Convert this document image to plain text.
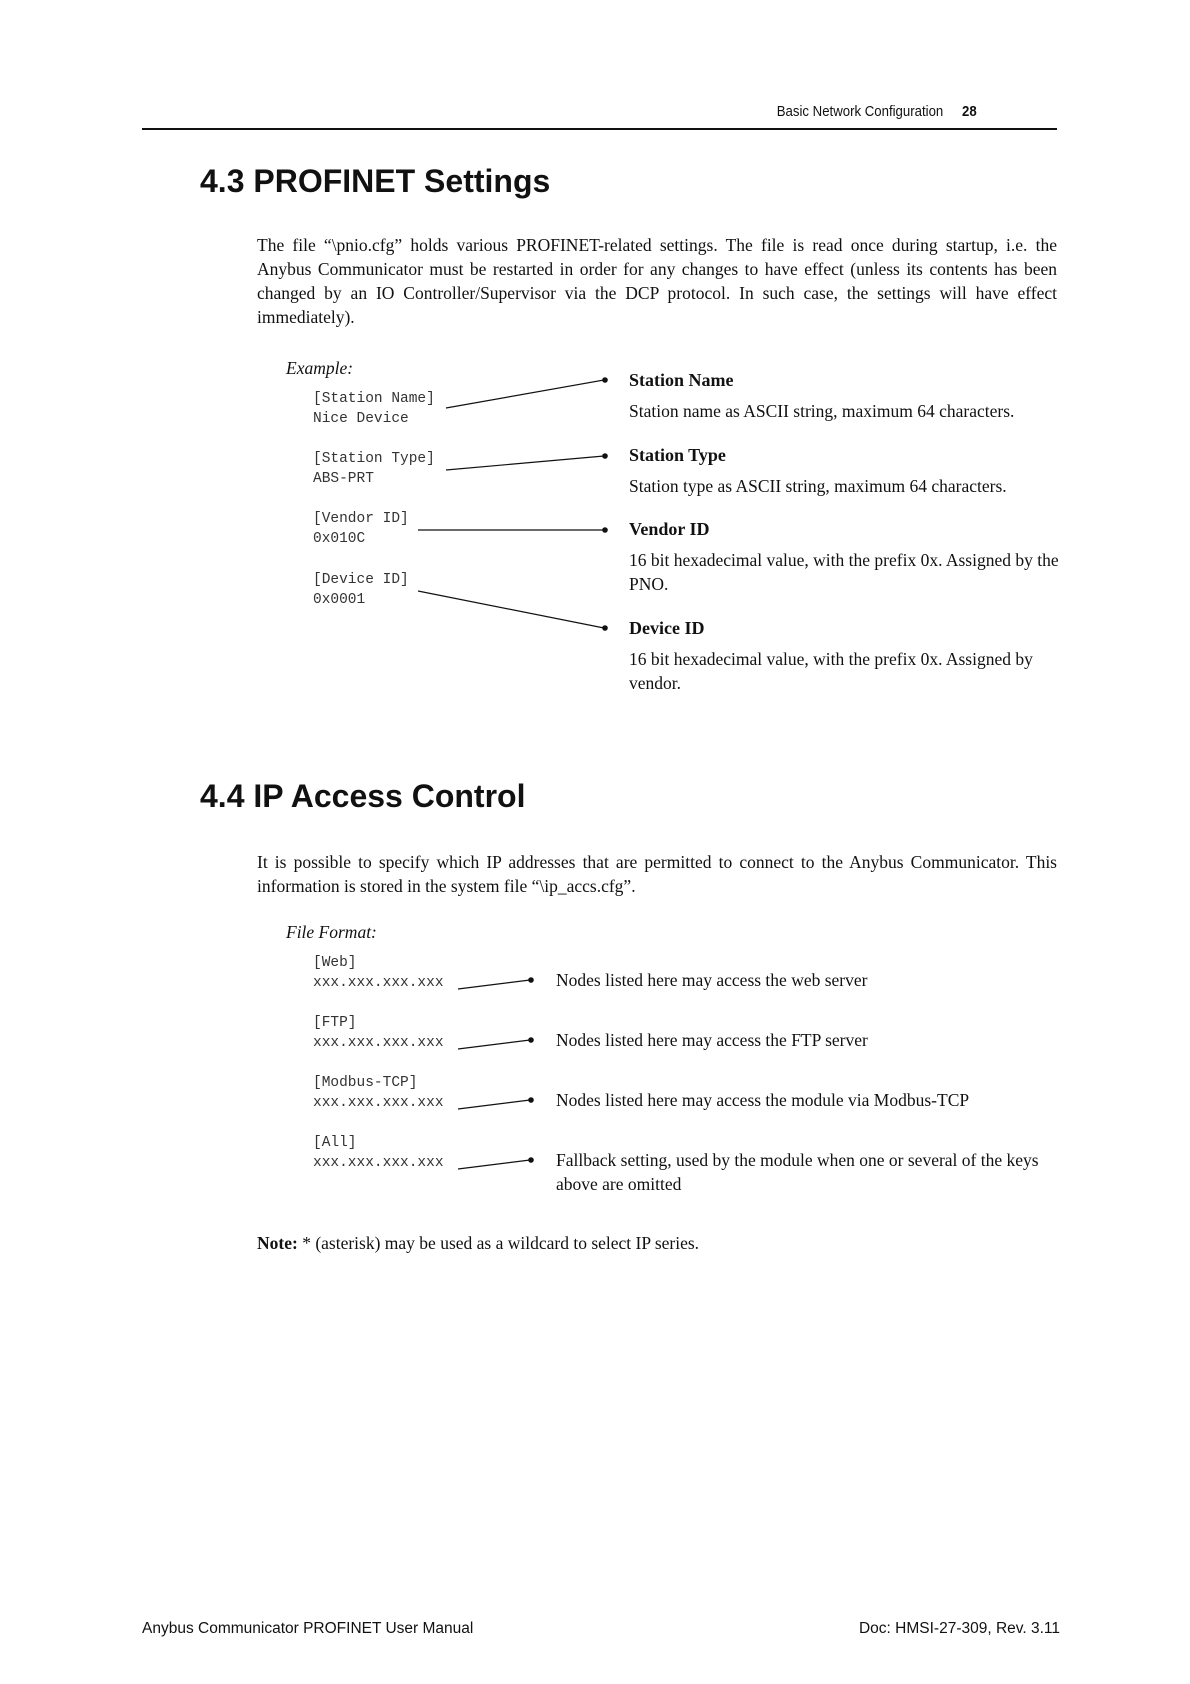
Basic Network Configuration 28
4.3 PROFINET Settings

The file “\pnio.cfg” holds various PROFINET-related settings. The file is read once during startup, i.e. the Anybus Communicator must be restarted in order for any changes to have effect (unless its contents has been changed by an IO Controller/Supervisor via the DCP protocol. In such case, the settings will have effect immediately).

Example:
[Station Name]
Nice Device
[Station Type]
ABS-PRT
[Vendor ID]
0x010C
[Device ID]
0x0001
Station Name
Station name as ASCII string, maximum 64 characters.
Station Type
Station type as ASCII string, maximum 64 characters.
Vendor ID
16 bit hexadecimal value, with the prefix 0x. Assigned by the PNO.
Device ID
16 bit hexadecimal value, with the prefix 0x. Assigned by vendor.
4.4 IP Access Control

It is possible to specify which IP addresses that are permitted to connect to the Anybus Communicator. This information is stored in the system file “\ip_accs.cfg”.

File Format:
[Web]
xxx.xxx.xxx.xxx
[FTP]
xxx.xxx.xxx.xxx
[Modbus-TCP]
xxx.xxx.xxx.xxx
[All]
xxx.xxx.xxx.xxx
Nodes listed here may access the web server
Nodes listed here may access the FTP server
Nodes listed here may access the module via Modbus-TCP
Fallback setting, used by the module when one or several of the keys above are omitted
Note: * (asterisk) may be used as a wildcard to select IP series.
Anybus Communicator PROFINET User Manual	Doc: HMSI-27-309, Rev. 3.11
